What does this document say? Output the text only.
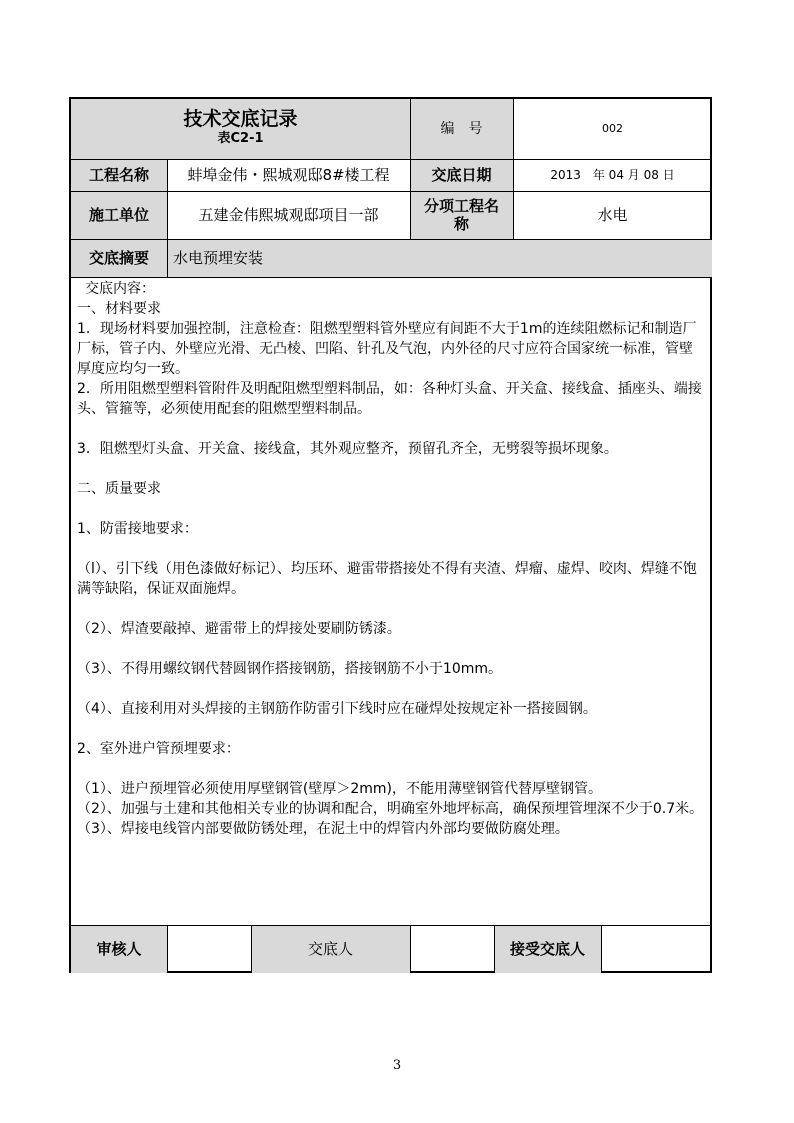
技术交底记录
表C2-1
编　号	002
工程名称	蚌埠金伟・熙城观邸8#楼工程	交底日期	2013　年 04 月 08 日
施工单位	五建金伟熙城观邸项目一部	分项工程名称	水电
交底摘要	水电预埋安装

交底内容：

一、材料要求

1．现场材料要加强控制，注意检查：阻燃型塑料管外壁应有间距不大于1m的连续阻燃标记和制造厂厂标，管子内、外壁应光滑、无凸棱、凹陷、针孔及气泡，内外径的尺寸应符合国家统一标准，管壁厚度应均匀一致。

2．所用阻燃型塑料管附件及明配阻燃型塑料制品，如：各种灯头盒、开关盒、接线盒、插座头、端接头、管箍等，必须使用配套的阻燃型塑料制品。

3．阻燃型灯头盒、开关盒、接线盒，其外观应整齐，预留孔齐全，无劈裂等损坏现象。

二、质量要求

1、防雷接地要求：

（l）、引下线（用色漆做好标记）、均压环、避雷带搭接处不得有夹渣、焊瘤、虚焊、咬肉、焊缝不饱满等缺陷，保证双面施焊。

（2）、焊渣要敲掉、避雷带上的焊接处要刷防锈漆。

（3）、不得用螺纹钢代替圆钢作搭接钢筋，搭接钢筋不小于10mm。

（4）、直接利用对头焊接的主钢筋作防雷引下线时应在碰焊处按规定补一搭接圆钢。

2、室外进户管预埋要求：

（1）、进户预埋管必须使用厚壁钢管(壁厚＞2mm)，不能用薄壁钢管代替厚壁钢管。

（2）、加强与土建和其他相关专业的协调和配合，明确室外地坪标高，确保预埋管埋深不少于0.7米。

（3）、焊接电线管内部要做防锈处理，在泥土中的焊管内外部均要做防腐处理。

审核人	交底人	接受交底人
3
